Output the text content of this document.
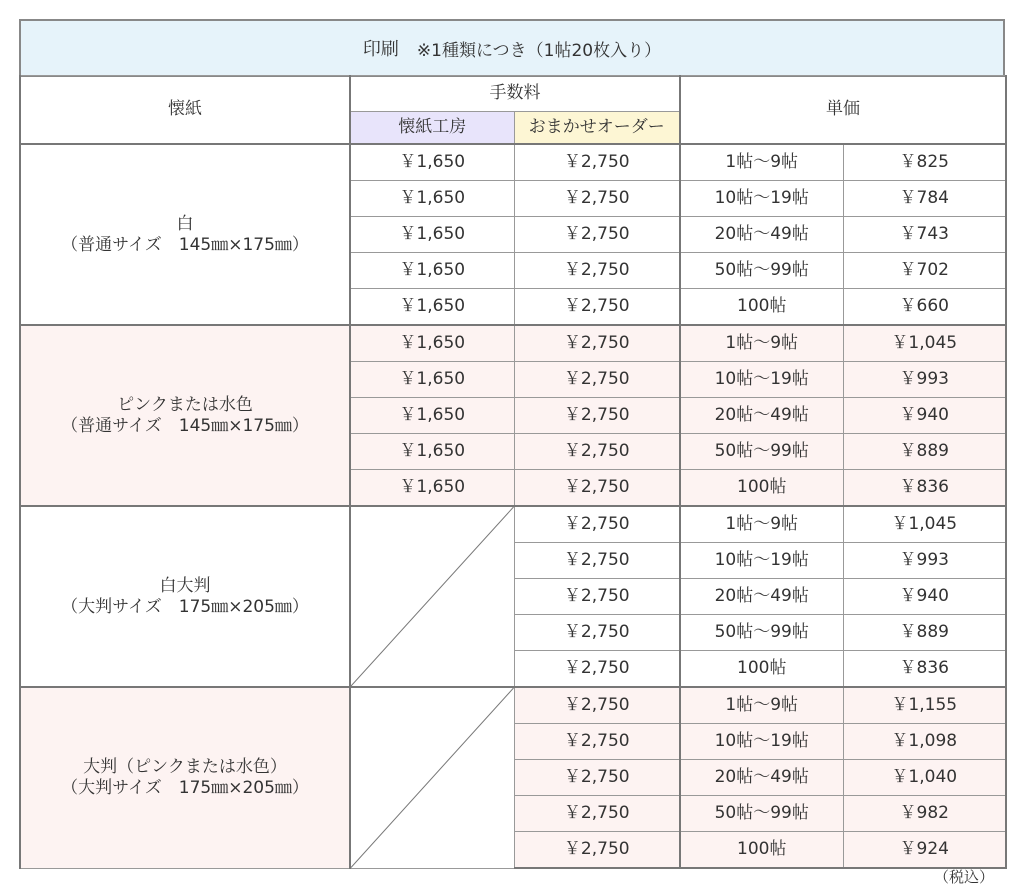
印刷 ※1種類につき（1帖20枚入り）
懐紙	手数料		単価	
	懐紙工房	おまかせオーダー		

白
（普通サイズ　145㎜×175㎜）	￥1,650	￥2,750	1帖〜9帖	￥825
	￥1,650	￥2,750	10帖〜19帖	￥784
	￥1,650	￥2,750	20帖〜49帖	￥743
	￥1,650	￥2,750	50帖〜99帖	￥702
	￥1,650	￥2,750	100帖	￥660

ピンクまたは水色
（普通サイズ　145㎜×175㎜）	￥1,650	￥2,750	1帖〜9帖	￥1,045
	￥1,650	￥2,750	10帖〜19帖	￥993
	￥1,650	￥2,750	20帖〜49帖	￥940
	￥1,650	￥2,750	50帖〜99帖	￥889
	￥1,650	￥2,750	100帖	￥836

白大判
（大判サイズ　175㎜×205㎜）		￥2,750	1帖〜9帖	￥1,045
		￥2,750	10帖〜19帖	￥993
		￥2,750	20帖〜49帖	￥940
		￥2,750	50帖〜99帖	￥889
		￥2,750	100帖	￥836

大判（ピンクまたは水色）
（大判サイズ　175㎜×205㎜）		￥2,750	1帖〜9帖	￥1,155
		￥2,750	10帖〜19帖	￥1,098
		￥2,750	20帖〜49帖	￥1,040
		￥2,750	50帖〜99帖	￥982
		￥2,750	100帖	￥924
（税込）
